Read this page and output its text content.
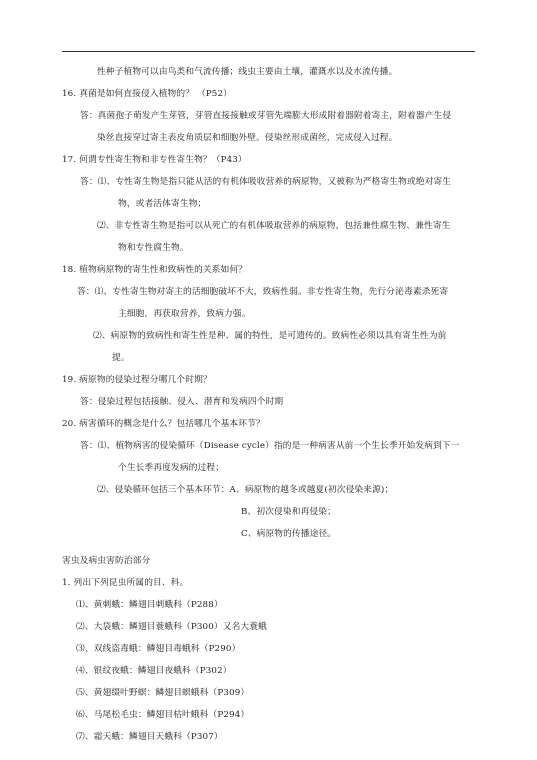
性种子植物可以由鸟类和气流传播；线虫主要由土壤，灌溉水以及水流传播。
16. 真菌是如何直接侵入植物的？ （P52）
答：真菌孢子萌发产生芽管，芽管直接接触或芽管先端膨大形成附着器附着寄主，附着器产生侵
染丝直接穿过寄主表皮角质层和细胞外壁。侵染丝形成菌丝，完成侵入过程。
17. 何谓专性寄生物和非专性寄生物？（P43）
答：⑴、专性寄生物是指只能从活的有机体吸收营养的病原物，又被称为严格寄生物或绝对寄生
物，或者活体寄生物；
⑵、非专性寄生物是指可以从死亡的有机体吸取营养的病原物，包括兼性腐生物、兼性寄生
物和专性腐生物。
18. 植物病原物的寄生性和致病性的关系如何？
答：⑴、专性寄生物对寄主的活细胞破坏不大，致病性弱。非专性寄生物，先行分泌毒素杀死寄
主细胞，再获取营养，致病力强。
⑵、病原物的致病性和寄生性是种、属的特性，是可遗传的。致病性必须以具有寄生性为前
提。
19. 病原物的侵染过程分哪几个时期？
答：侵染过程包括接触、侵入、潜育和发病四个时期
20. 病害循环的概念是什么？包括哪几个基本环节？
答：⑴、植物病害的侵染循环（Disease cycle）指的是一种病害从前一个生长季开始发病到下一
个生长季再度发病的过程；
⑵、侵染循环包括三个基本环节：A、病原物的越冬或越夏(初次侵染来源)；
B、初次侵染和再侵染；
C、病原物的传播途径。
害虫及病虫害防治部分
1. 列出下列昆虫所属的目、科。
⑴、黄刺蛾：鳞翅目刺蛾科（P288）
⑵、大袋蛾：鳞翅目蓑蛾科（P300）又名大蓑蛾
⑶、双线盗毒蛾：鳞翅目毒蛾科（P290）
⑷、银纹夜蛾：鳞翅目夜蛾科（P302）
⑸、黄翅缀叶野螟：鳞翅目螟蛾科（P309）
⑹、马尾松毛虫：鳞翅目枯叶蛾科（P294）
⑺、霜天蛾：鳞翅目天蛾科（P307）
